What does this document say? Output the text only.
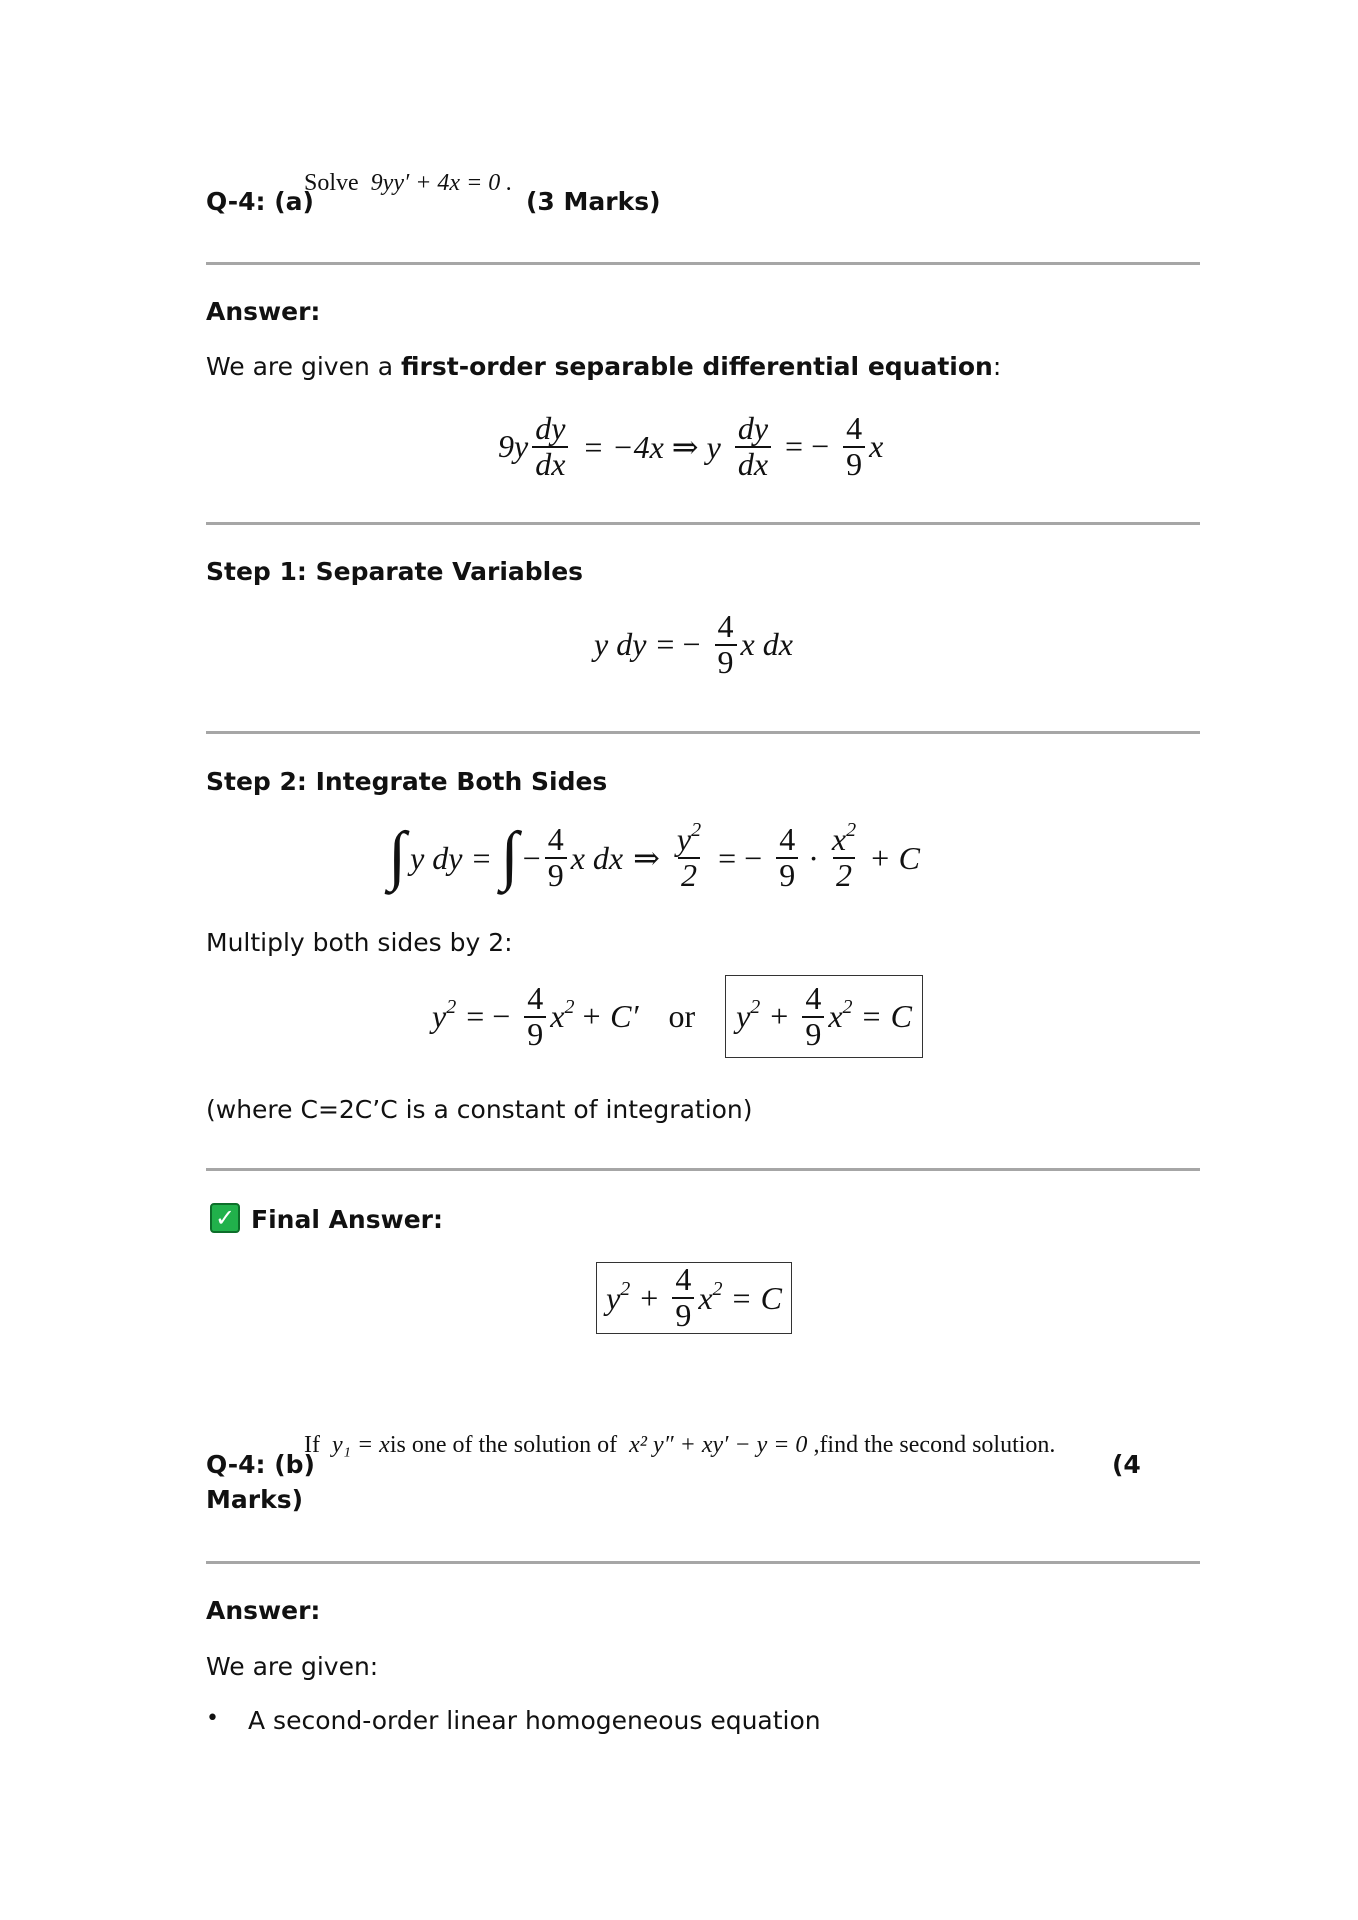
Q-4: (a)
Solve 9yy′ + 4x = 0 .
(3 Marks)
Answer:
We are given a first-order separable differential equation:
$9y \frac{dy}{dx} = -4x$ ⇒ y $\frac{dy}{dx}$ = − $\frac{4}{9}$ x
Step 1: Separate Variables
y dy = − $\frac{4}{9}$ x dx
Step 2: Integrate Both Sides
∫ y dy = ∫ − $\frac{4}{9}$ x dx ⇒ $\frac{y^2}{2}$ = − $\frac{4}{9} \cdot \frac{x^2}{2} + C$
Multiply both sides by 2:
$y^2$ = − $\frac{4}{9} x^2 + C'$ or $y^2 + \frac{4}{9} x^2 = C$
(where C=2C’C is a constant of integration)
✓ Final Answer:
$y^2 + \frac{4}{9} x^2 = C$
Q-4: (b)
Marks)
If y₁ = xis one of the solution of x² y″ + xy′ − y = 0 ,find the second solution.
(4
Answer:
We are given:
•	A second-order linear homogeneous equation
